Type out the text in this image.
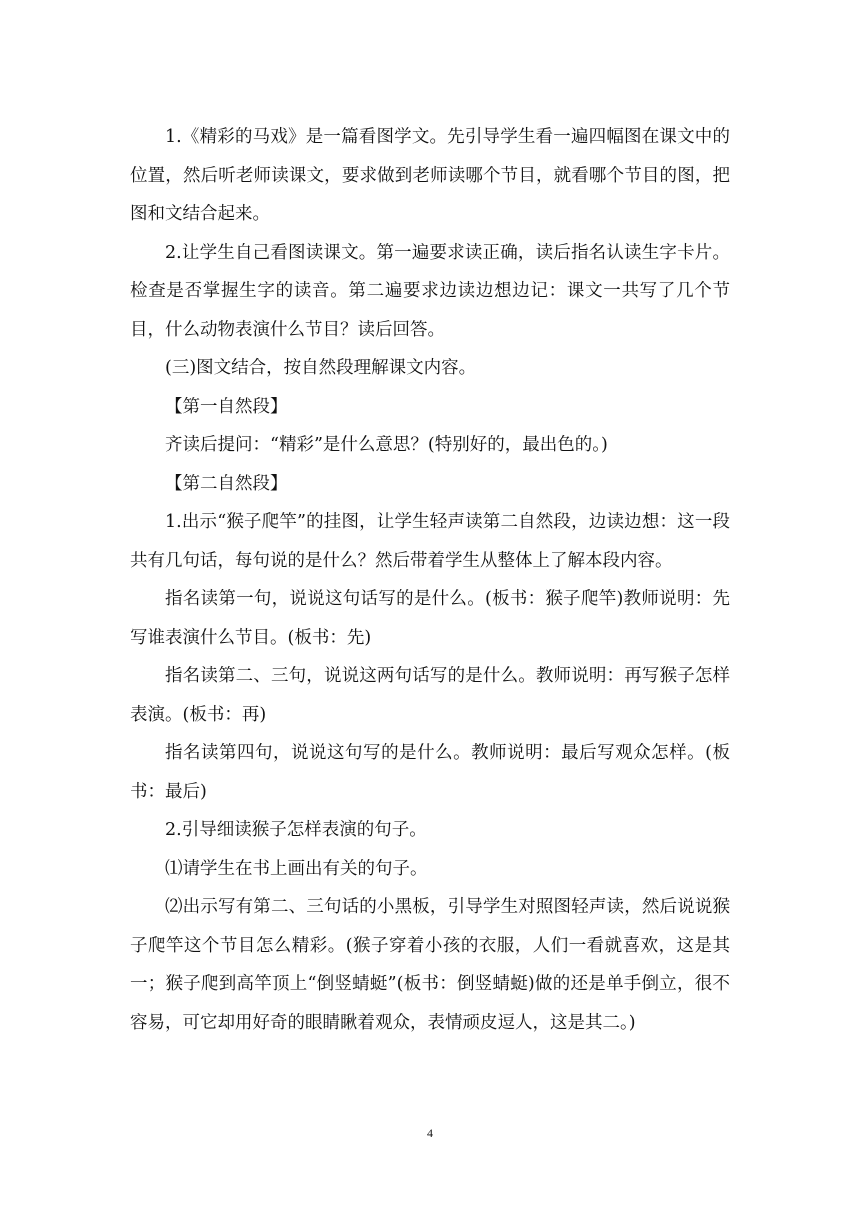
1.《精彩的马戏》是一篇看图学文。先引导学生看一遍四幅图在课文中的位置，然后听老师读课文，要求做到老师读哪个节目，就看哪个节目的图，把图和文结合起来。

2.让学生自己看图读课文。第一遍要求读正确，读后指名认读生字卡片。检查是否掌握生字的读音。第二遍要求边读边想边记：课文一共写了几个节目，什么动物表演什么节目？读后回答。

(三)图文结合，按自然段理解课文内容。

【第一自然段】

齐读后提问：“精彩”是什么意思？(特别好的，最出色的。)

【第二自然段】

1.出示“猴子爬竿”的挂图，让学生轻声读第二自然段，边读边想：这一段共有几句话，每句说的是什么？然后带着学生从整体上了解本段内容。

指名读第一句，说说这句话写的是什么。(板书：猴子爬竿)教师说明：先写谁表演什么节目。(板书：先)

指名读第二、三句，说说这两句话写的是什么。教师说明：再写猴子怎样表演。(板书：再)

指名读第四句，说说这句写的是什么。教师说明：最后写观众怎样。(板书：最后)

2.引导细读猴子怎样表演的句子。

⑴请学生在书上画出有关的句子。

⑵出示写有第二、三句话的小黑板，引导学生对照图轻声读，然后说说猴子爬竿这个节目怎么精彩。(猴子穿着小孩的衣服，人们一看就喜欢，这是其一；猴子爬到高竿顶上“倒竖蜻蜓”(板书：倒竖蜻蜓)做的还是单手倒立，很不容易，可它却用好奇的眼睛瞅着观众，表情顽皮逗人，这是其二。)

4
